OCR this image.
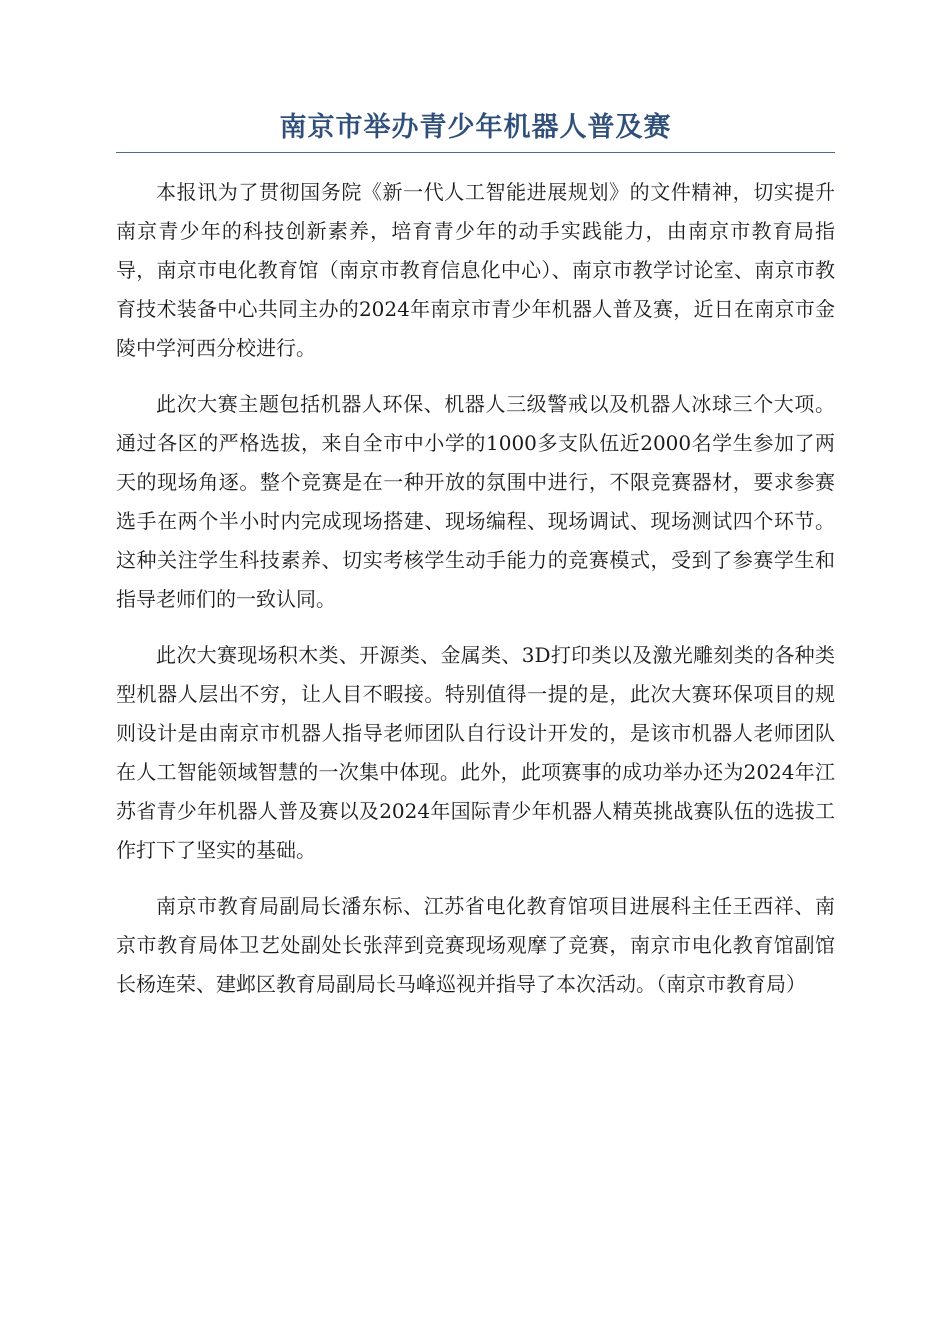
南京市举办青少年机器人普及赛

本报讯为了贯彻国务院《新一代人工智能进展规划》的文件精神，切实提升南京青少年的科技创新素养，培育青少年的动手实践能力，由南京市教育局指导，南京市电化教育馆（南京市教育信息化中心）、南京市教学讨论室、南京市教育技术装备中心共同主办的2024年南京市青少年机器人普及赛，近日在南京市金陵中学河西分校进行。

此次大赛主题包括机器人环保、机器人三级警戒以及机器人冰球三个大项。通过各区的严格选拔，来自全市中小学的1000多支队伍近2000名学生参加了两天的现场角逐。整个竞赛是在一种开放的氛围中进行，不限竞赛器材，要求参赛选手在两个半小时内完成现场搭建、现场编程、现场调试、现场测试四个环节。这种关注学生科技素养、切实考核学生动手能力的竞赛模式，受到了参赛学生和指导老师们的一致认同。

此次大赛现场积木类、开源类、金属类、3D打印类以及激光雕刻类的各种类型机器人层出不穷，让人目不暇接。特别值得一提的是，此次大赛环保项目的规则设计是由南京市机器人指导老师团队自行设计开发的，是该市机器人老师团队在人工智能领域智慧的一次集中体现。此外，此项赛事的成功举办还为2024年江苏省青少年机器人普及赛以及2024年国际青少年机器人精英挑战赛队伍的选拔工作打下了坚实的基础。

南京市教育局副局长潘东标、江苏省电化教育馆项目进展科主任王西祥、南京市教育局体卫艺处副处长张萍到竞赛现场观摩了竞赛，南京市电化教育馆副馆长杨连荣、建邺区教育局副局长马峰巡视并指导了本次活动。（南京市教育局）
